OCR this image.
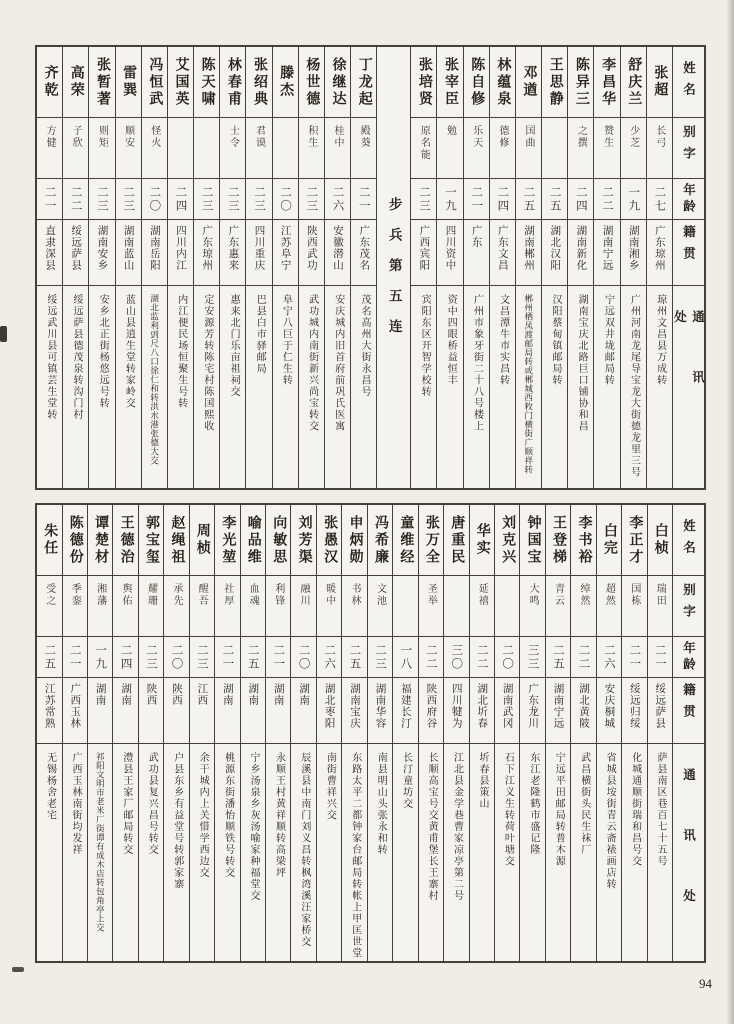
姓名
别字
年龄
籍贯
通讯处
张超
长弓
二七
广东琼州
琼州文昌县万成转
舒庆兰
少芝
一九
湖南湘乡
广州河南龙尾导宝龙大街德龙里三号
李昌华
赞生
二二
湖南宁远
宁远双井垅邮局转
陈异三
之撰
二四
湖南新化
湖南宝庆北路巨口铺协和昌
王思静
二五
湖北汉阳
汉阳蔡甸镇邮局转
邓遒
国曲
二五
湖南郴州
郴州栖凤渡邮局转或郴城西敉门横街广顺祥转
林蕴泉
德修
二四
广东文昌
文昌潭牛市实昌转
陈自修
乐天
二一
广东
广州市象牙街二十八号楼上
张宰臣
勉
一九
四川资中
资中四眼桥益恒丰
张培贤
原名能
二三
广西宾阳
宾阳东区开智学校转
步兵第五连
丁龙起
殿葵
二一
广东茂名
茂名高州大街永昌号
徐继达
桂中
二六
安徽潜山
安庆城内旧首府前巩氏医寓
杨世德
积生
二三
陕西武功
武功城内南街新兴尚宝转交
滕杰
二〇
江苏阜宁
阜宁八巨于仁生转
张绍典
君谟
二三
四川重庆
巴县白市驿邮局
林春甫
士令
二三
广东惠来
惠来北门乐亩祖祠交
陈天啸
二三
广东琼州
定安源芳转陈宅村陈国熙收
艾国英
二四
四川内江
内江便民场恒聚生号转
冯恒武
怪火
二〇
湖南岳阳
湖北监利剅尺八口徐仁和转洪水港张德大交
雷巽
顺安
二三
湖南蓝山
蓝山县逍生堂转家岭交
张暂著
则矩
二三
湖南安乡
安乡北正街杨悠远号转
高荣
子欣
二二
绥远萨县
绥远萨县德茂泉转沟门村
齐乾
方健
二一
直隶深县
绥远武川县可镇芸生堂转
姓名
别字
年龄
籍贯
通讯处
白桢
瑞田
二一
绥远萨县
萨县南区巷百七十五号
李正才
国栋
二一
绥远归绥
化城通顺街瑞和昌号交
白完
超然
二六
安庆桐城
省城县垵街青云斋裱画店转
李书裕
绰然
二二
湖北黄陂
武昌横街头民生袜厂
王登梯
青云
二五
湖南宁远
宁远平田邮局转普木源
钟国宝
大鸣
三三
广东龙川
东江老隆鹤市盛记隆
刘克兴
二〇
湖南武冈
石下江义生转荷叶塘交
华实
延禧
二二
湖北圻春
圻春县策山
唐重民
三〇
四川犍为
江北县金学巷曹家凉亭第二号
张万全
圣举
二二
陕西府谷
长顺高宝号交黄甫堡长王寨村
童维经
一八
福建长汀
长汀童坊交
冯希廉
文池
二三
湖南华容
南县明山头张永和转
申炳勋
书林
二五
湖南宝庆
东路太平二都钟家台邮局转帐上甲匡世堂
张愚汉
暖中
二六
湖北枣阳
南街曹祥兴交
刘芳渠
融川
二〇
湖南
辰溪县中南门刘义昌转枫湾溪汪家桥交
向敏思
利锋
二一
湖南
永顺王村黄祥顺转高梁坪
喻品维
血魂
二五
湖南
宁乡汤泉乡灰汤喻家种福堂交
李光堃
社厚
二一
湖南
桃源东街潘怡顺铁号转交
周桢
醒吾
二三
江西
余干城内上关惜学西边交
赵绳祖
承先
二〇
陕西
户县东乡有益堂号转郭家寨
郭宝玺
耀珊
二三
陕西
武功县复兴昌号转交
王德治
舆佑
二四
湖南
澧县王家厂邮局转交
谭楚材
湘藩
一九
湖南
祁阳文明市老米厂街谭有成木店转包角亭上交
陈德份
季銮
二一
广西玉林
广西玉林南街均发祥
朱任
受之
二五
江苏常熟
无锡杨舍老宅
94
